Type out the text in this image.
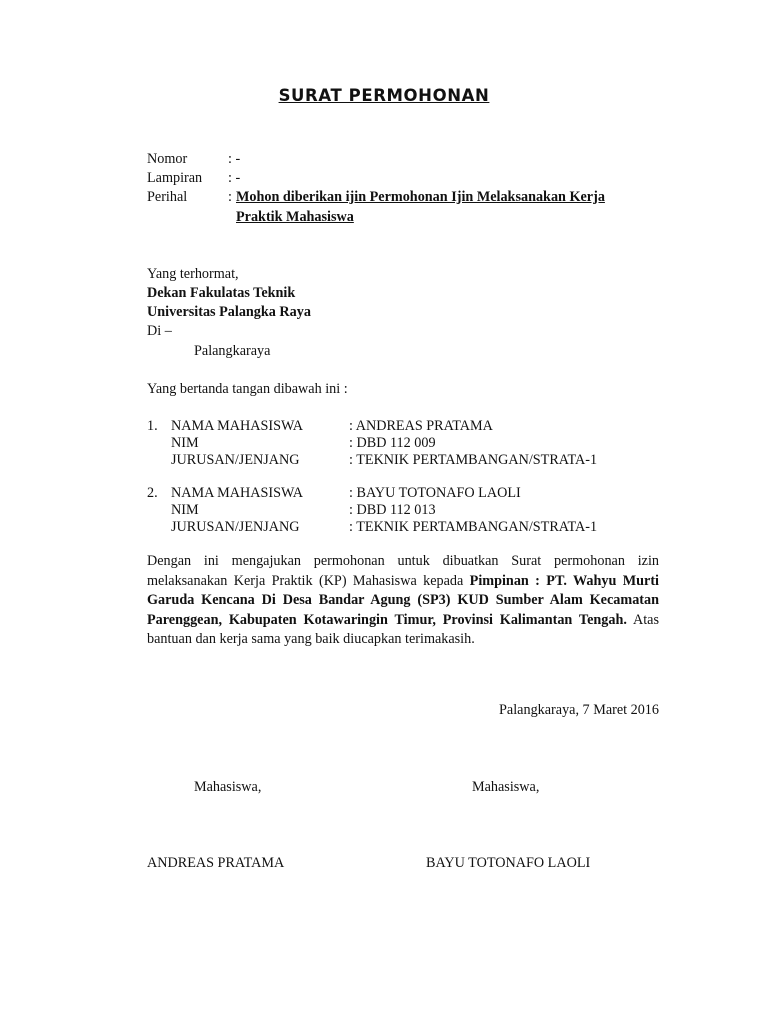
SURAT PERMOHONAN
Nomor	: -
Lampiran : -
Perihal	: Mohon diberikan ijin Permohonan Ijin Melaksanakan Kerja
Praktik Mahasiswa
Yang terhormat,
Dekan Fakulatas Teknik
Universitas Palangka Raya
Di –
Palangkaraya
Yang bertanda tangan dibawah ini :
1. NAMA MAHASISWA	: ANDREAS PRATAMA
NIM	: DBD 112 009
JURUSAN/JENJANG	: TEKNIK PERTAMBANGAN/STRATA-1
2. NAMA MAHASISWA	: BAYU TOTONAFO LAOLI
NIM	: DBD 112 013
JURUSAN/JENJANG	: TEKNIK PERTAMBANGAN/STRATA-1
Dengan ini mengajukan permohonan untuk dibuatkan Surat permohonan izin melaksanakan Kerja Praktik (KP) Mahasiswa kepada Pimpinan : PT. Wahyu Murti Garuda Kencana Di Desa Bandar Agung (SP3) KUD Sumber Alam Kecamatan Parenggean, Kabupaten Kotawaringin Timur, Provinsi Kalimantan Tengah. Atas bantuan dan kerja sama yang baik diucapkan terimakasih.
Palangkaraya, 7 Maret 2016
Mahasiswa,	Mahasiswa,
ANDREAS PRATAMA	BAYU TOTONAFO LAOLI
